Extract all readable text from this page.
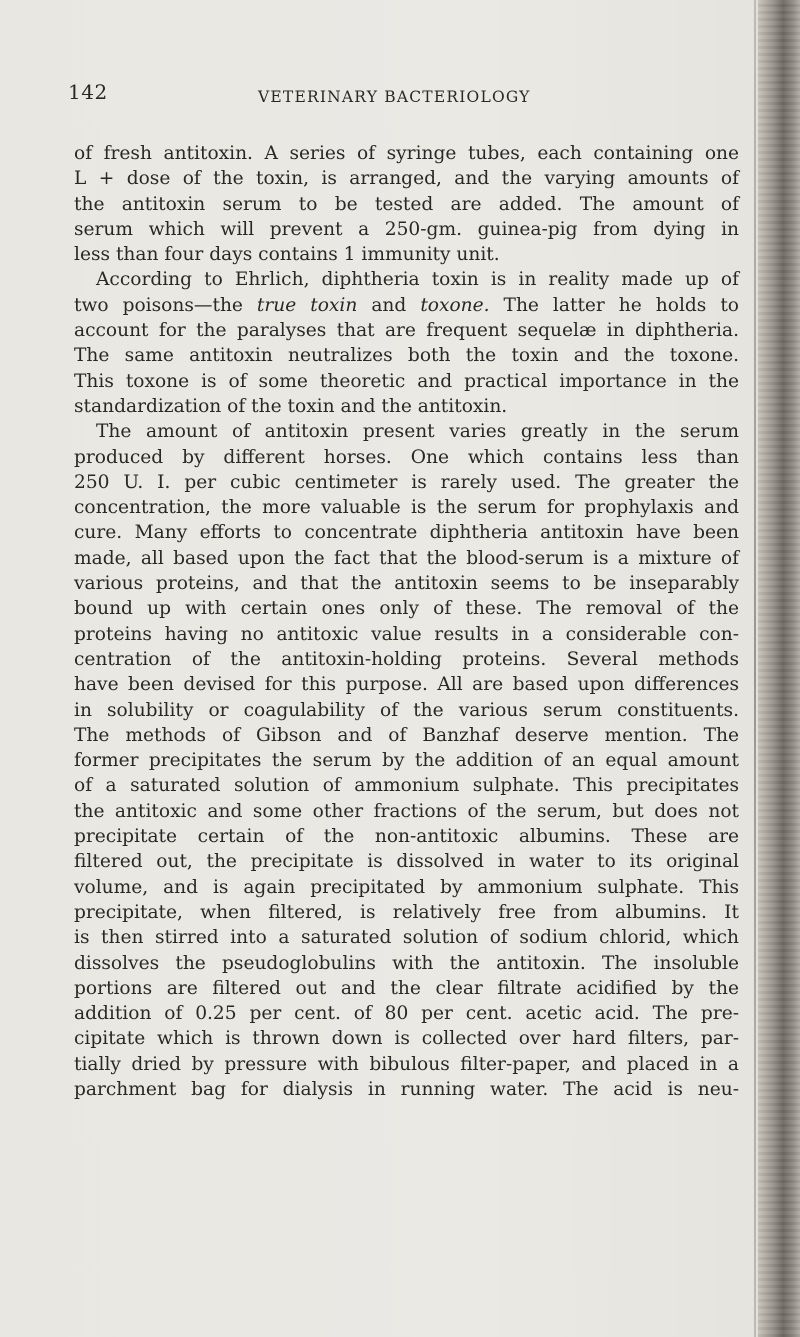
142	VETERINARY BACTERIOLOGY
of fresh antitoxin. A series of syringe tubes, each containing one
L + dose of the toxin, is arranged, and the varying amounts of
the antitoxin serum to be tested are added. The amount of
serum which will prevent a 250-gm. guinea-pig from dying in
less than four days contains 1 immunity unit.
According to Ehrlich, diphtheria toxin is in reality made up of
two poisons—the true toxin and toxone. The latter he holds to
account for the paralyses that are frequent sequelæ in diphtheria.
The same antitoxin neutralizes both the toxin and the toxone.
This toxone is of some theoretic and practical importance in the
standardization of the toxin and the antitoxin.
The amount of antitoxin present varies greatly in the serum
produced by different horses. One which contains less than
250 U. I. per cubic centimeter is rarely used. The greater the
concentration, the more valuable is the serum for prophylaxis and
cure. Many efforts to concentrate diphtheria antitoxin have been
made, all based upon the fact that the blood-serum is a mixture of
various proteins, and that the antitoxin seems to be inseparably
bound up with certain ones only of these. The removal of the
proteins having no antitoxic value results in a considerable con-
centration of the antitoxin-holding proteins. Several methods
have been devised for this purpose. All are based upon differences
in solubility or coagulability of the various serum constituents.
The methods of Gibson and of Banzhaf deserve mention. The
former precipitates the serum by the addition of an equal amount
of a saturated solution of ammonium sulphate. This precipitates
the antitoxic and some other fractions of the serum, but does not
precipitate certain of the non-antitoxic albumins. These are
filtered out, the precipitate is dissolved in water to its original
volume, and is again precipitated by ammonium sulphate. This
precipitate, when filtered, is relatively free from albumins. It
is then stirred into a saturated solution of sodium chlorid, which
dissolves the pseudoglobulins with the antitoxin. The insoluble
portions are filtered out and the clear filtrate acidified by the
addition of 0.25 per cent. of 80 per cent. acetic acid. The pre-
cipitate which is thrown down is collected over hard filters, par-
tially dried by pressure with bibulous filter-paper, and placed in a
parchment bag for dialysis in running water. The acid is neu-
